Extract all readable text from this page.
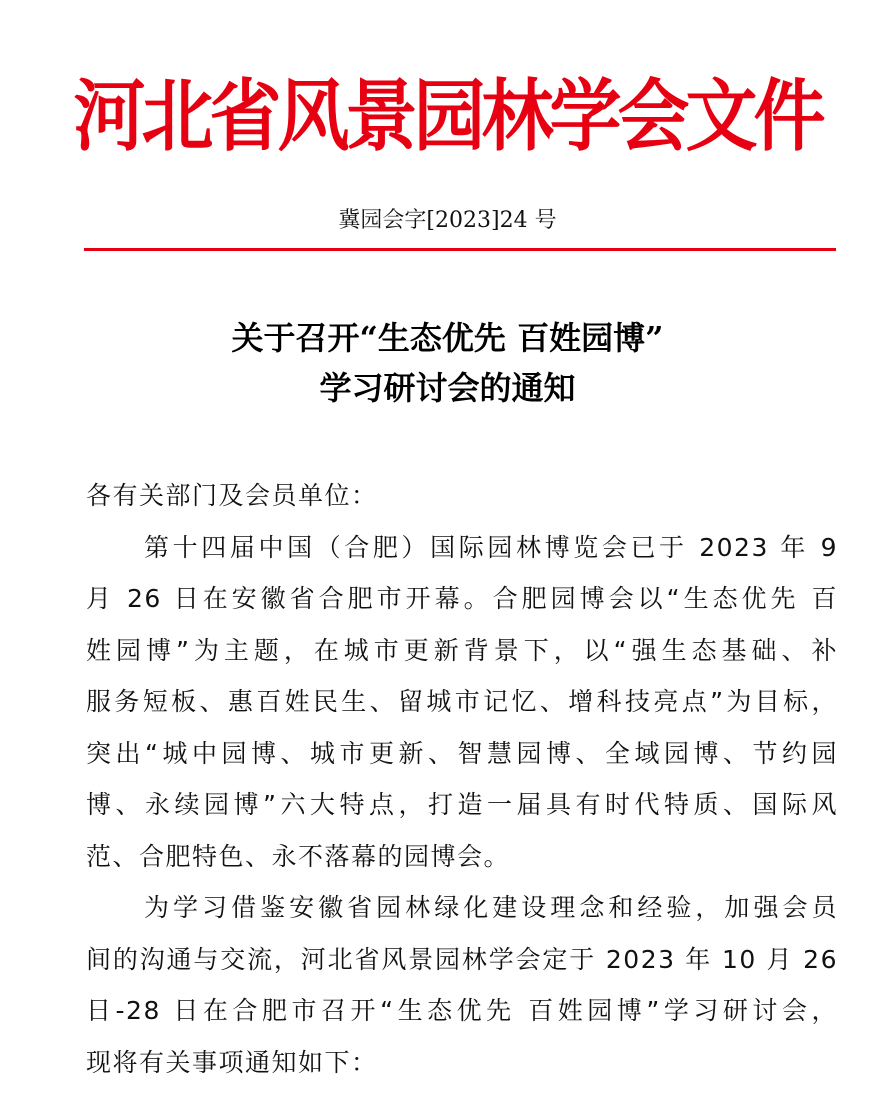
河北省风景园林学会文件
冀园会字[2023]24 号
关于召开“生态优先 百姓园博”
学习研讨会的通知
各有关部门及会员单位：
第十四届中国（合肥）国际园林博览会已于 2023 年 9
月 26 日在安徽省合肥市开幕。合肥园博会以“生态优先 百
姓园博”为主题，在城市更新背景下，以“强生态基础、补
服务短板、惠百姓民生、留城市记忆、增科技亮点”为目标，
突出“城中园博、城市更新、智慧园博、全域园博、节约园
博、永续园博”六大特点，打造一届具有时代特质、国际风
范、合肥特色、永不落幕的园博会。
为学习借鉴安徽省园林绿化建设理念和经验，加强会员
间的沟通与交流，河北省风景园林学会定于 2023 年 10 月 26
日-28 日在合肥市召开“生态优先 百姓园博”学习研讨会，
现将有关事项通知如下：
